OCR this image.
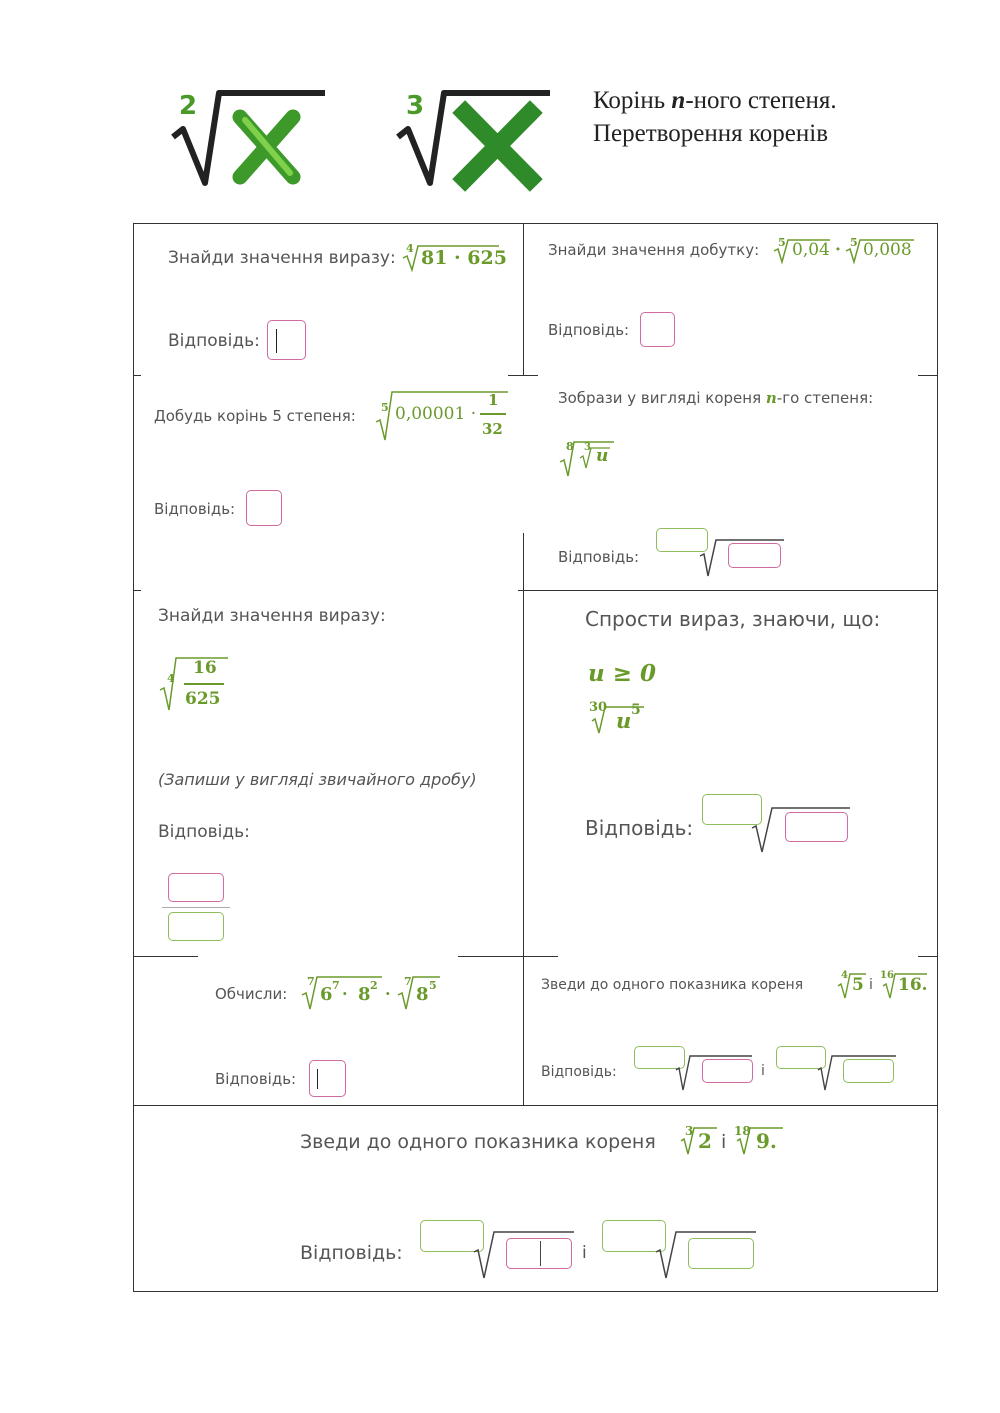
2	3	Корінь n-ного степеня.
Перетворення коренів
Знайди значення виразу: 4 81 · 625
Відповідь:
Знайди значення добутку: 5 0,04 · 5 0,008
Відповідь:
Добудь корінь 5 степеня: 5 0,00001 ·
1
32
Відповідь:
Зобрази у вигляді кореня n-го степеня:
8 3 u
Відповідь:
Знайди значення виразу:
4
16
625
(Запиши у вигляді звичайного дробу)
Відповідь:
Спрости вираз, знаючи, що:
u ≥ 0
30
u 5
Відповідь:
Обчисли:
7
6 7 · 8 2 ·
7
8 5
Відповідь:
Зведи до одного показника кореня
4 5 і
16 16.
Відповідь:	і
Зведи до одного показника кореня 3 2 і 18 9.
Відповідь:	і
